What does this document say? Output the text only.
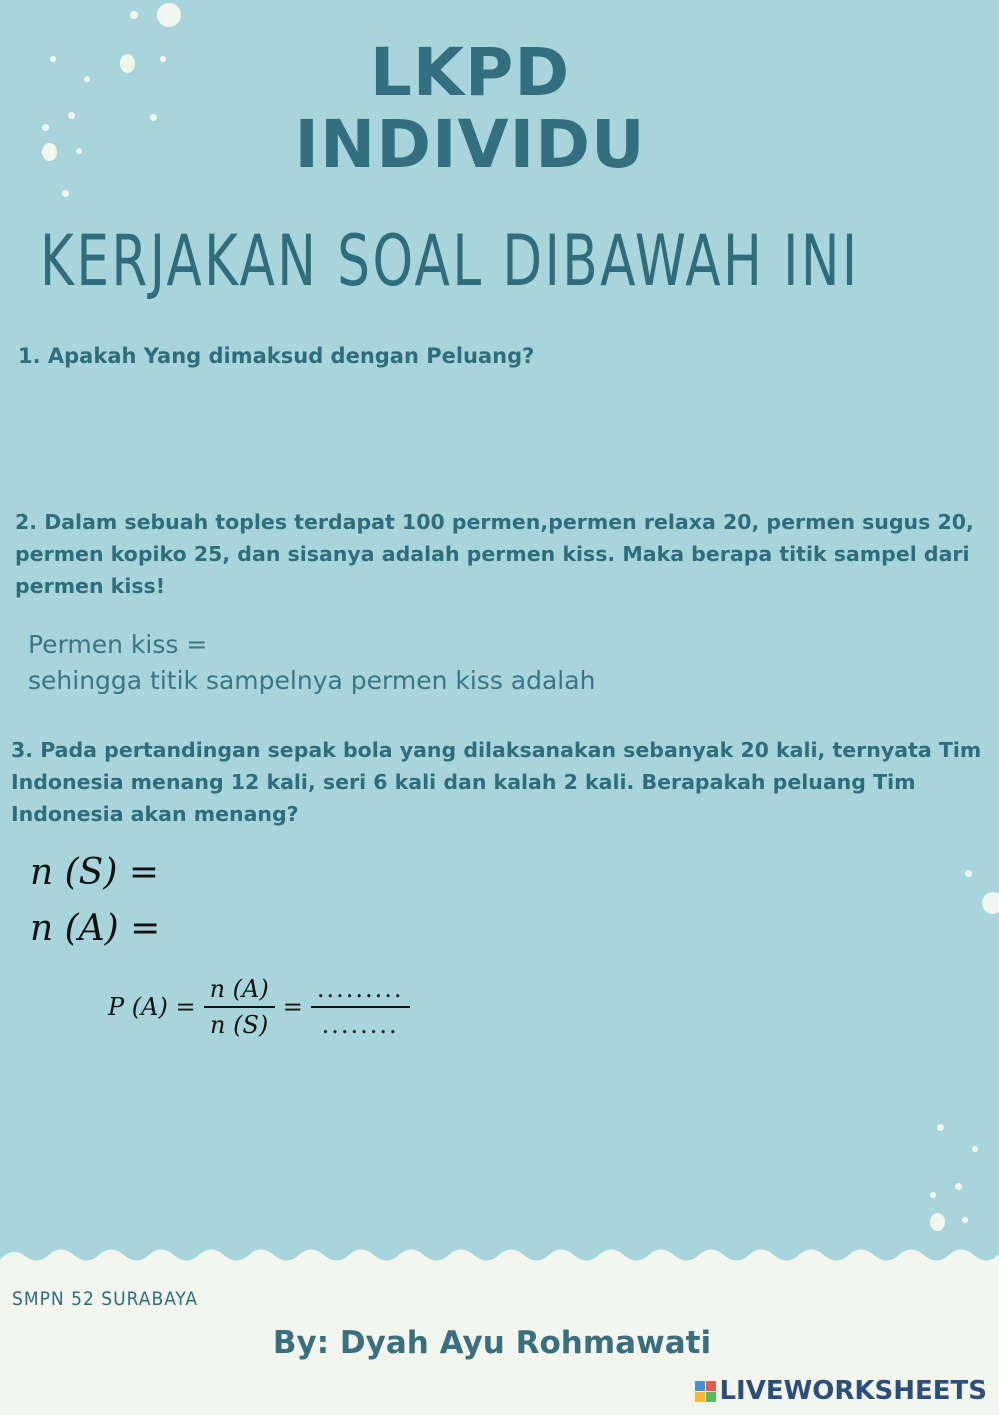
LKPD
INDIVIDU
KERJAKAN SOAL DIBAWAH INI
1. Apakah Yang dimaksud dengan Peluang?
2. Dalam sebuah toples terdapat 100 permen,permen relaxa 20, permen sugus 20, permen kopiko 25, dan sisanya adalah permen kiss. Maka berapa titik sampel dari permen kiss!
Permen kiss =
sehingga titik sampelnya permen kiss adalah
3. Pada pertandingan sepak bola yang dilaksanakan sebanyak 20 kali, ternyata Tim Indonesia menang 12 kali, seri 6 kali dan kalah 2 kali. Berapakah peluang Tim Indonesia akan menang?
n (S) =
n (A) =
P $(A) = \frac{n (A)}{n (S)} = \frac{.........}{........}$
SMPN 52 SURABAYA
By: Dyah Ayu Rohmawati
LIVEWORKSHEETS
